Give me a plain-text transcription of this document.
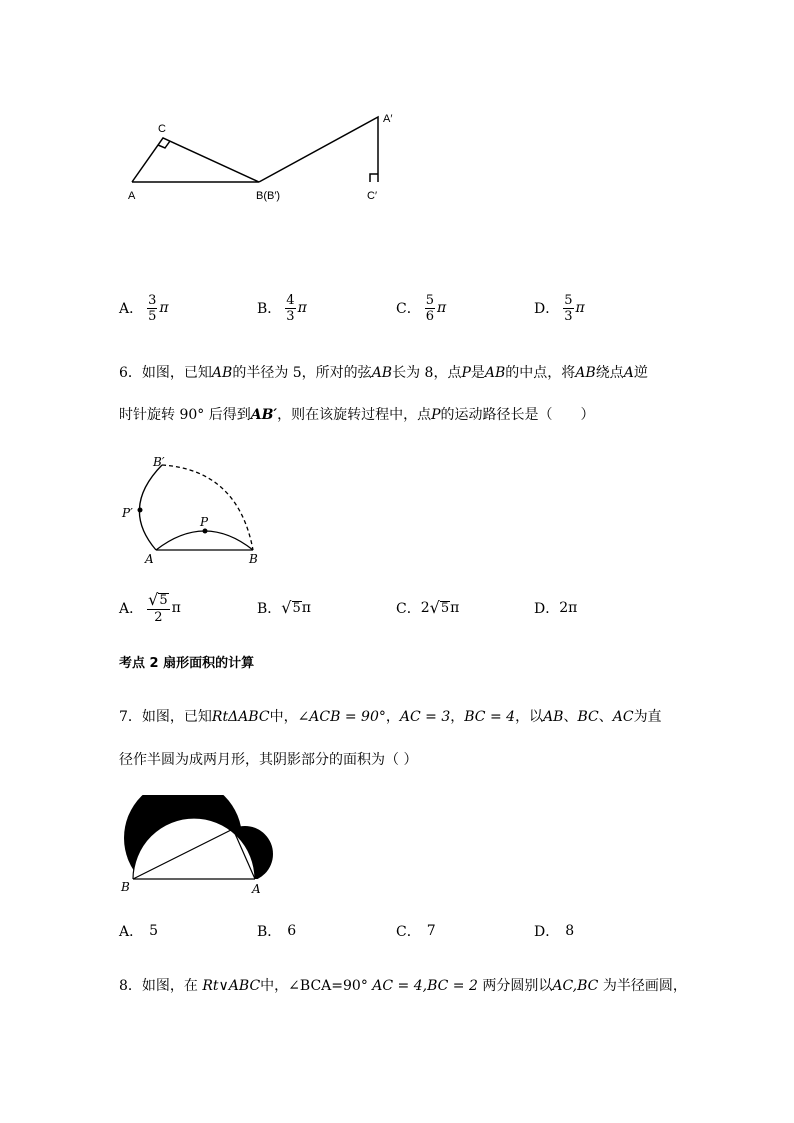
C
A	B(B′)	C′
A′
A． $\frac{3}{5}$ π	B． $\frac{4}{3}$ π	C． $\frac{5}{6}$ π	D． $\frac{5}{3}$ π
6．如图，已知AB的半径为 5，所对的弦AB长为 8，点P是AB的中点，将AB绕点A逆
时针旋转 90° 后得到AB′，则在该旋转过程中，点P的运动路径长是（　　）
B′
P′
P
A	B
A． $\frac{√ 5}{2}$ π	B． √ 5 π	C． 2 √ 5 π	D． 2π
考点 2 扇形面积的计算
7．如图，已知RtΔABC中，∠ACB = 90°，AC = 3，BC = 4，以AB、BC、AC为直
径作半圆为成两月形，其阴影部分的面积为（ ）
C
B	A
A． 5	B． 6	C． 7	D． 8
8．如图，在 Rt∨ABC中，∠BCA=90° AC = 4,BC = 2 两分圆别以AC,BC 为半径画圆，
